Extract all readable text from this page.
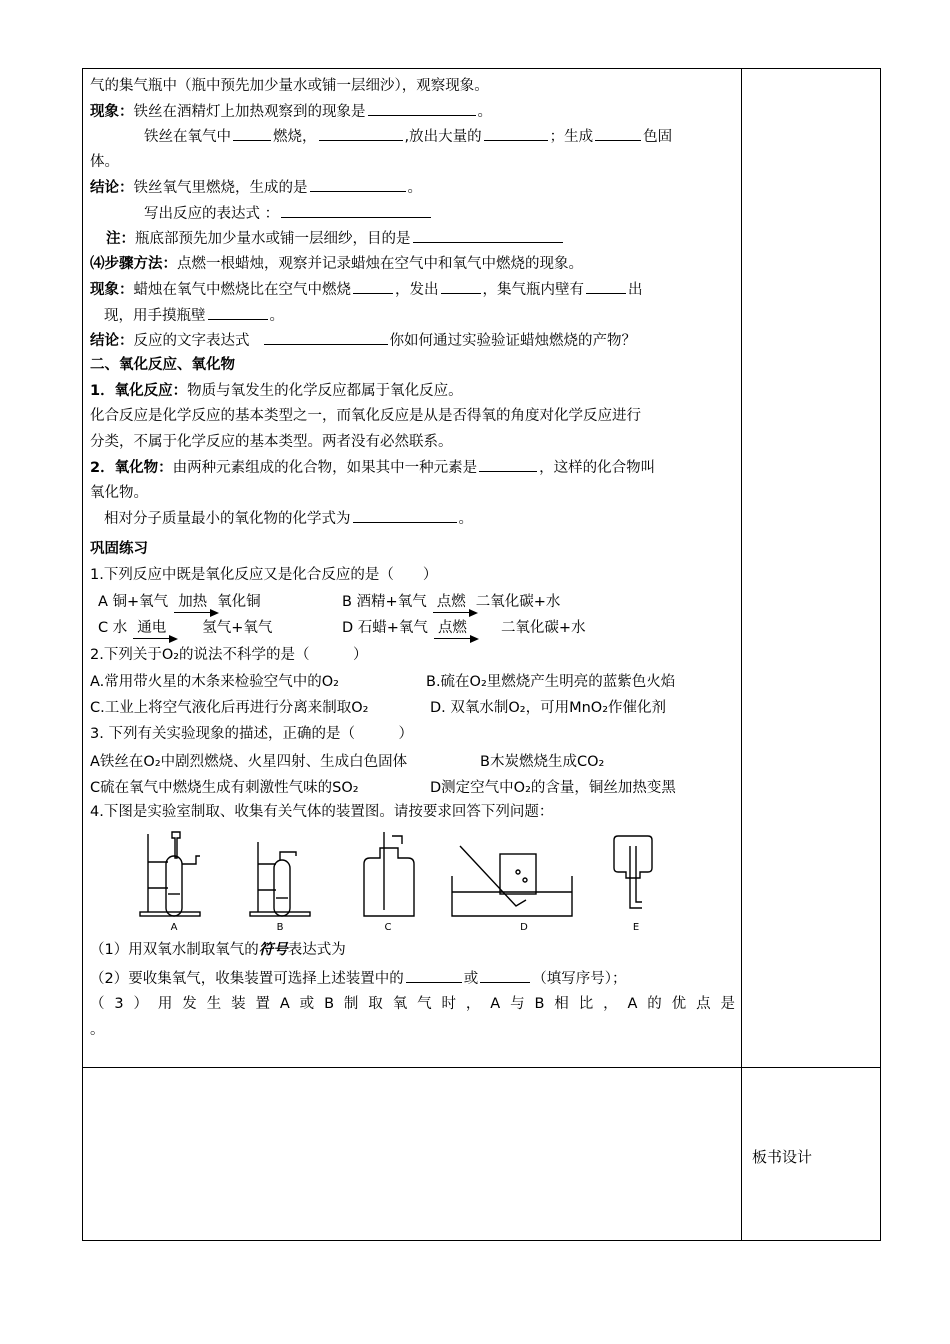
气的集气瓶中（瓶中预先加少量水或铺一层细沙），观察现象。
现象：铁丝在酒精灯上加热观察到的现象是	。
铁丝在氧气中	燃烧，	,放出大量的	；生成	色固
体。
结论：铁丝氧气里燃烧，生成的是	。
写出反应的表达式 ：
注：瓶底部预先加少量水或铺一层细纱，目的是
⑷步骤方法：点燃一根蜡烛，观察并记录蜡烛在空气中和氧气中燃烧的现象。
现象：蜡烛在氧气中燃烧比在空气中燃烧	，发出	，集气瓶内壁有	出
现，用手摸瓶壁	。
结论：反应的文字表达式	你如何通过实验验证蜡烛燃烧的产物？
二、氧化反应、氧化物
1．氧化反应：物质与氧发生的化学反应都属于氧化反应。
化合反应是化学反应的基本类型之一，而氧化反应是从是否得氧的角度对化学反应进行
分类，不属于化学反应的基本类型。两者没有必然联系。
2．氧化物：由两种元素组成的化合物，如果其中一种元素是	，这样的化合物叫
氧化物。
相对分子质量最小的氧化物的化学式为	。
巩固练习
1.下列反应中既是氧化反应又是化合反应的是（　　）
A 铜+氧气 加热 氧化铜	B 酒精+氧气 点燃 二氧化碳+水
C 水 通电 氢气+氧气	D 石蜡+氧气 点燃 二氧化碳+水
2.下列关于O₂的说法不科学的是（　　　）
A.常用带火星的木条来检验空气中的O₂	B.硫在O₂里燃烧产生明亮的蓝紫色火焰
C.工业上将空气液化后再进行分离来制取O₂	D. 双氧水制O₂，可用MnO₂作催化剂
3. 下列有关实验现象的描述，正确的是（　　　）
A铁丝在O₂中剧烈燃烧、火星四射、生成白色固体	B木炭燃烧生成CO₂
C硫在氧气中燃烧生成有刺激性气味的SO₂	D测定空气中O₂的含量，铜丝加热变黑
4.下图是实验室制取、收集有关气体的装置图。请按要求回答下列问题：
A	B	C	D	E
（1）用双氧水制取氧气的符号表达式为
（2）要收集氧气，收集装置可选择上述装置中的	或	（填写序号）；
（ 3 ） 用 发 生 装 置 A 或 B 制 取 氧 气 时 ， A 与 B 相 比 ， A 的 优 点 是
。
板书设计
